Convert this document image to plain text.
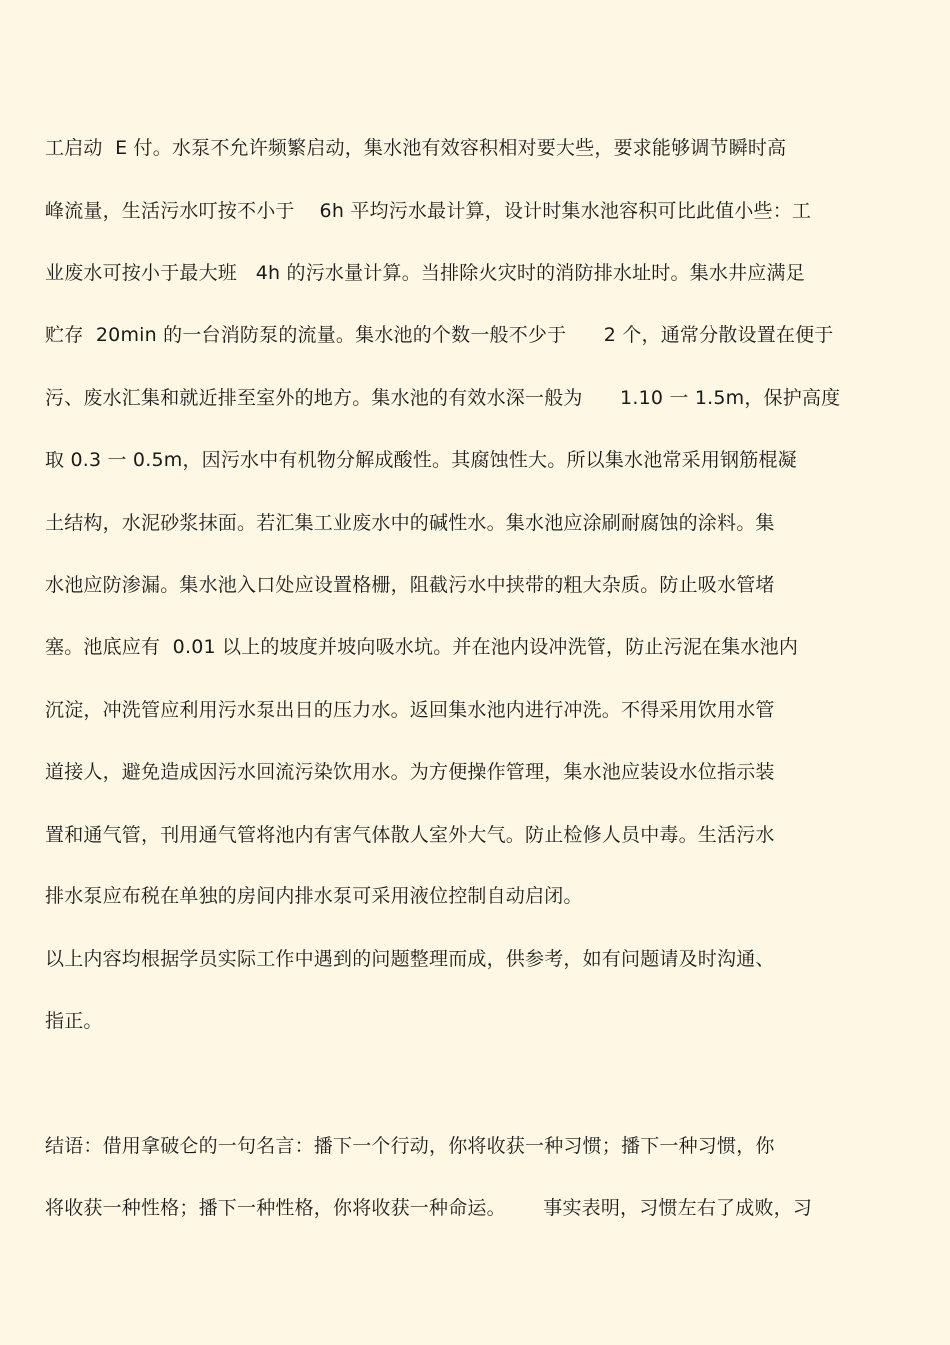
工启动  E 付。水泵不允许频繁启动，集水池有效容积相对要大些，要求能够调节瞬时高
峰流量，生活污水叮按不小于    6h 平均污水最计算，设计时集水池容积可比此值小些：工
业废水可按小于最大班   4h 的污水量计算。当排除火灾时的消防排水址时。集水井应满足
贮存  20min 的一台消防泵的流量。集水池的个数一般不少于      2 个，通常分散设置在便于
污、废水汇集和就近排至室外的地方。集水池的有效水深一般为      1.10 一 1.5m，保护高度
取 0.3 一 0.5m，因污水中有机物分解成酸性。其腐蚀性大。所以集水池常采用钢筋棍凝
土结构，水泥砂浆抹面。若汇集工业废水中的碱性水。集水池应涂刷耐腐蚀的涂料。集
水池应防渗漏。集水池入口处应设置格栅，阻截污水中挟带的粗大杂质。防止吸水管堵
塞。池底应有  0.01 以上的坡度并坡向吸水坑。并在池内设冲洗管，防止污泥在集水池内
沉淀，冲洗管应利用污水泵出日的压力水。返回集水池内进行冲洗。不得采用饮用水管
道接人，避免造成因污水回流污染饮用水。为方便操作管理，集水池应装设水位指示装
置和通气管，刊用通气管将池内有害气体散人室外大气。防止检修人员中毒。生活污水
排水泵应布税在单独的房间内排水泵可采用液位控制自动启闭。
以上内容均根据学员实际工作中遇到的问题整理而成，供参考，如有问题请及时沟通、
指正。
结语：借用拿破仑的一句名言：播下一个行动，你将收获一种习惯；播下一种习惯，你
将收获一种性格；播下一种性格，你将收获一种命运。      事实表明，习惯左右了成败，习
